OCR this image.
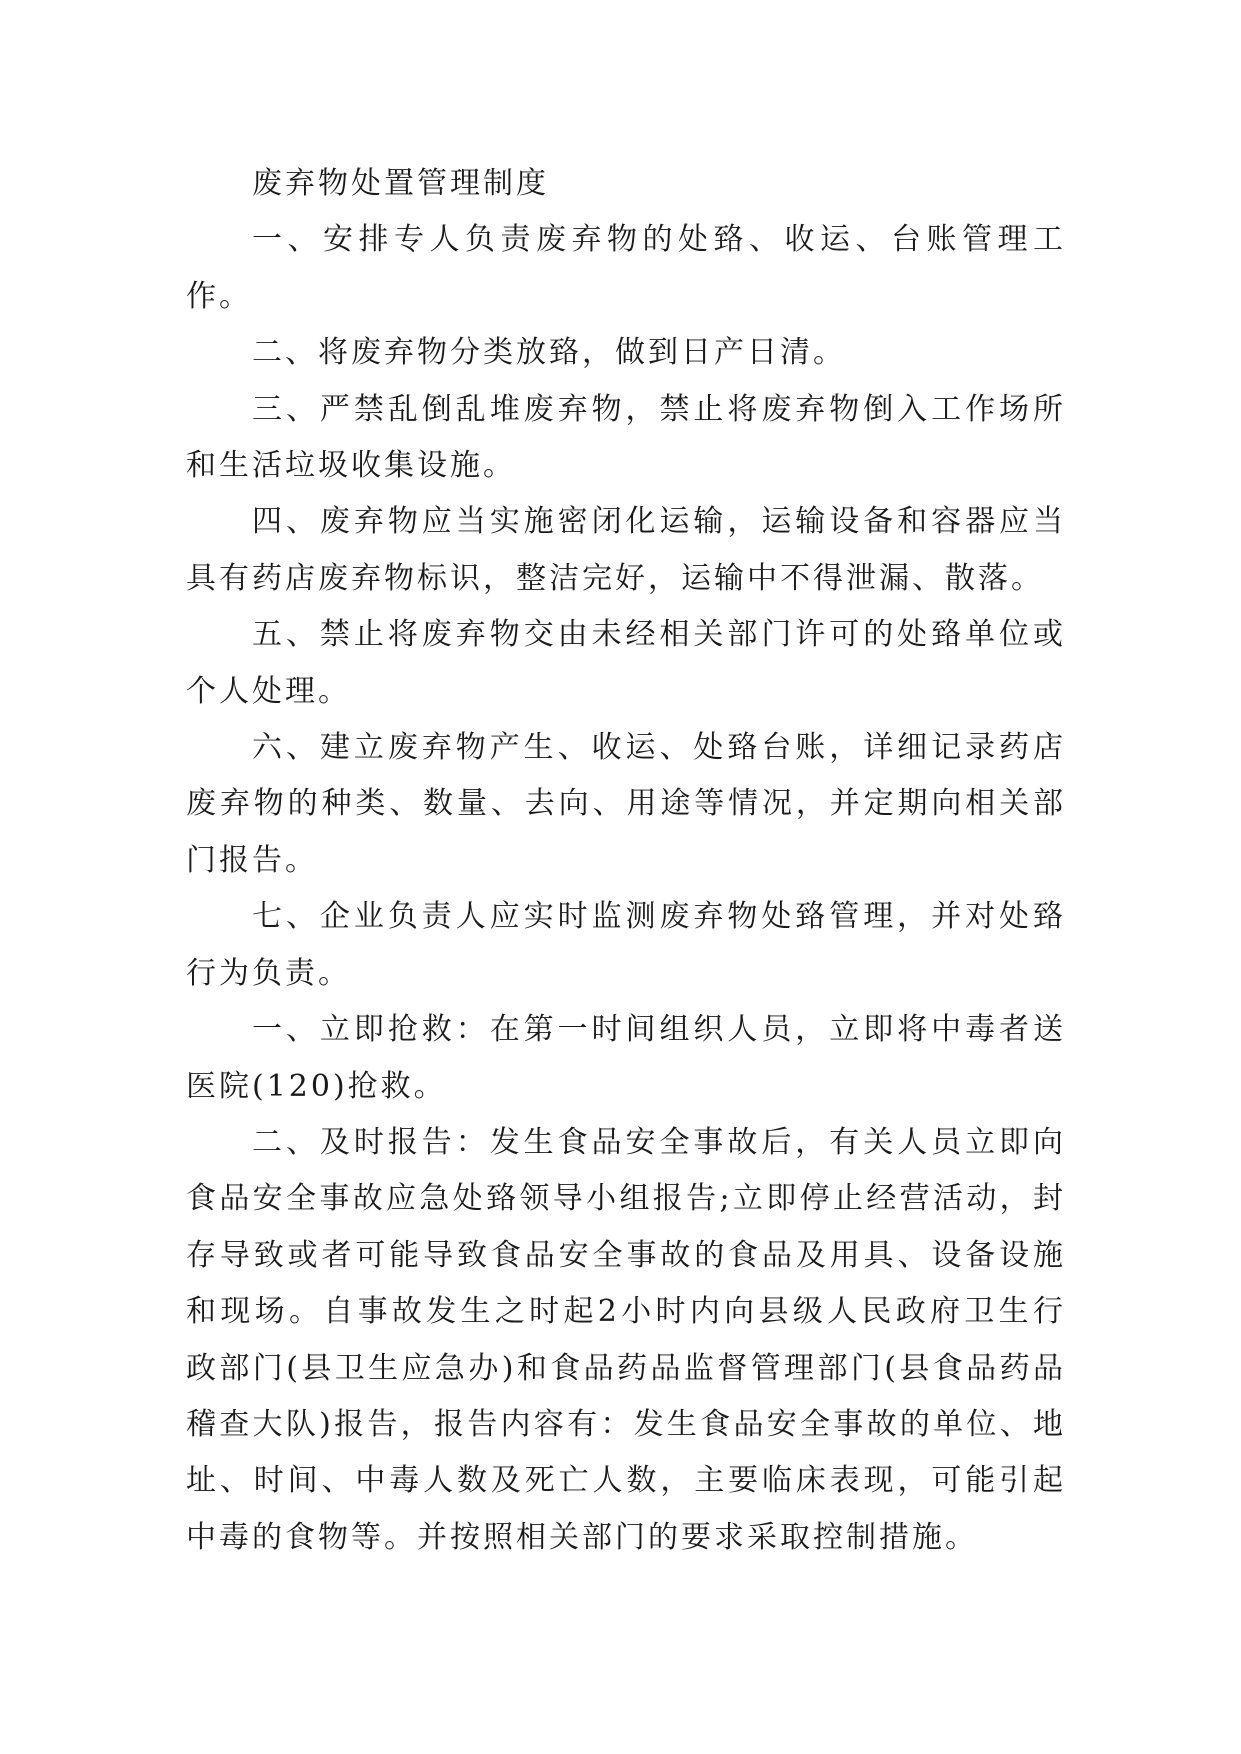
废弃物处置管理制度

一、安排专人负责废弃物的处臵、收运、台账管理工作。

二、将废弃物分类放臵，做到日产日清。

三、严禁乱倒乱堆废弃物，禁止将废弃物倒入工作场所和生活垃圾收集设施。

四、废弃物应当实施密闭化运输，运输设备和容器应当具有药店废弃物标识，整洁完好，运输中不得泄漏、散落。

五、禁止将废弃物交由未经相关部门许可的处臵单位或个人处理。

六、建立废弃物产生、收运、处臵台账，详细记录药店废弃物的种类、数量、去向、用途等情况，并定期向相关部门报告。

七、企业负责人应实时监测废弃物处臵管理，并对处臵行为负责。

一、立即抢救：在第一时间组织人员，立即将中毒者送医院(120)抢救。

二、及时报告：发生食品安全事故后，有关人员立即向食品安全事故应急处臵领导小组报告;立即停止经营活动，封存导致或者可能导致食品安全事故的食品及用具、设备设施和现场。自事故发生之时起2小时内向县级人民政府卫生行政部门(县卫生应急办)和食品药品监督管理部门(县食品药品稽查大队)报告，报告内容有：发生食品安全事故的单位、地址、时间、中毒人数及死亡人数，主要临床表现，可能引起中毒的食物等。并按照相关部门的要求采取控制措施。
